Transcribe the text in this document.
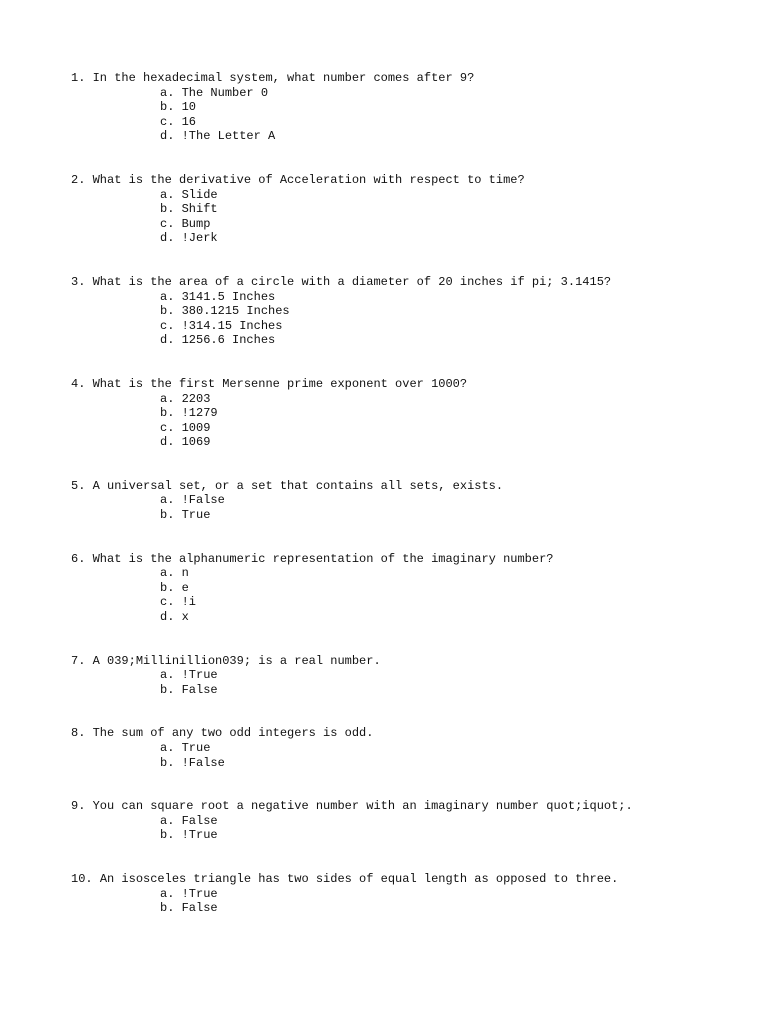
1. In the hexadecimal system, what number comes after 9?
a. The Number 0
b. 10
c. 16
d. !The Letter A
2. What is the derivative of Acceleration with respect to time?
a. Slide
b. Shift
c. Bump
d. !Jerk
3. What is the area of a circle with a diameter of 20 inches if pi; 3.1415?
a. 3141.5 Inches
b. 380.1215 Inches
c. !314.15 Inches
d. 1256.6 Inches
4. What is the first Mersenne prime exponent over 1000?
a. 2203
b. !1279
c. 1009
d. 1069
5. A universal set, or a set that contains all sets, exists.
a. !False
b. True
6. What is the alphanumeric representation of the imaginary number?
a. n
b. e
c. !i
d. x
7. A 039;Millinillion039; is a real number.
a. !True
b. False
8. The sum of any two odd integers is odd.
a. True
b. !False
9. You can square root a negative number with an imaginary number quot;iquot;.
a. False
b. !True
10. An isosceles triangle has two sides of equal length as opposed to three.
a. !True
b. False
